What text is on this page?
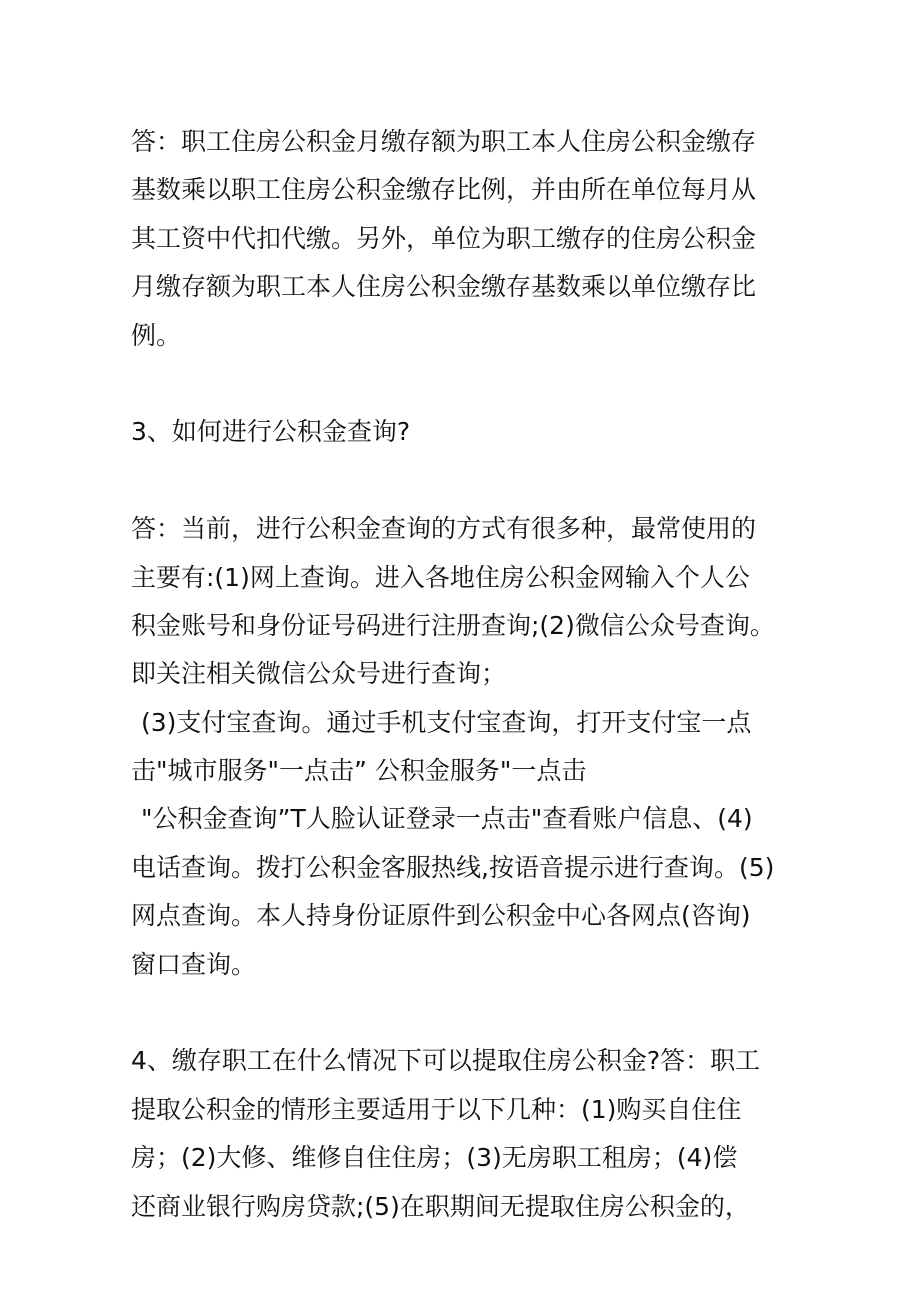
答：职工住房公积金月缴存额为职工本人住房公积金缴存
基数乘以职工住房公积金缴存比例，并由所在单位每月从
其工资中代扣代缴。另外，单位为职工缴存的住房公积金
月缴存额为职工本人住房公积金缴存基数乘以单位缴存比
例。

3、如何进行公积金查询?

答：当前，进行公积金查询的方式有很多种，最常使用的
主要有:(1)网上查询。进入各地住房公积金网输入个人公
积金账号和身份证号码进行注册查询;(2)微信公众号查询。
即关注相关微信公众号进行查询；
(3)支付宝查询。通过手机支付宝查询，打开支付宝一点
击"城市服务"一点击” 公积金服务"一点击
"公积金查询”T人脸认证登录一点击"查看账户信息、(4)
电话查询。拨打公积金客服热线,按语音提示进行查询。(5)
网点查询。本人持身份证原件到公积金中心各网点(咨询)
窗口查询。

4、缴存职工在什么情况下可以提取住房公积金?答：职工
提取公积金的情形主要适用于以下几种：(1)购买自住住
房；(2)大修、维修自住住房；(3)无房职工租房；(4)偿
还商业银行购房贷款;(5)在职期间无提取住房公积金的，
